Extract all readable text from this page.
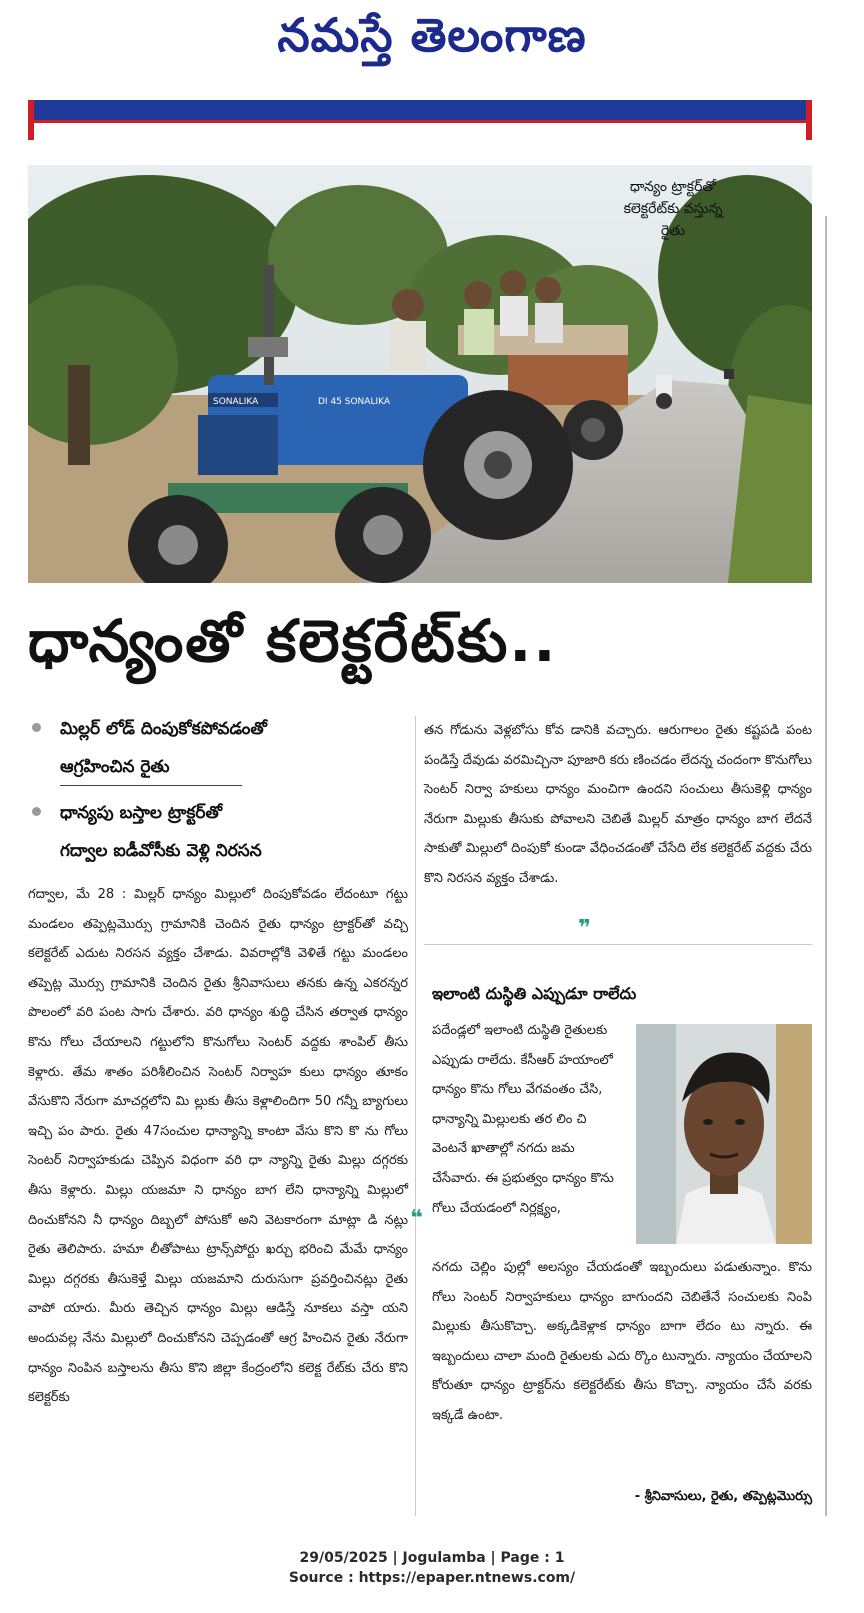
నమస్తే తెలంగాణ
SONALIKA	DI 45 SONALIKA
ధాన్యం ట్రాక్టర్‌తో
కలెక్టరేట్‌కు వస్తున్న
రైతు
ధాన్యంతో కలెక్టరేట్‌కు..
మిల్లర్ లోడ్ దింపుకోకపోవడంతో
ఆగ్రహించిన రైతు
ధాన్యపు బస్తాల ట్రాక్టర్‌తో
గద్వాల ఐడీవోసీకు వెళ్లి నిరసన
గద్వాల, మే 28 : మిల్లర్ ధాన్యం మిల్లులో దింపుకోవడం లేదంటూ గట్టు మండలం తప్పెట్లమొర్సు గ్రామానికి చెందిన రైతు ధాన్యం ట్రాక్టర్‌తో వచ్చి కలెక్టరేట్ ఎదుట నిరసన వ్యక్తం చేశాడు. వివరాల్లోకి వెళితే గట్టు మండలం తప్పెట్ల మొర్సు గ్రామానికి చెందిన రైతు శ్రీనివాసులు తనకు ఉన్న ఎకరన్నర పొలంలో వరి పంట సాగు చేశారు. వరి ధాన్యం శుద్ధి చేసిన తర్వాత ధాన్యం కొను గోలు చేయాలని గట్టులోని కొనుగోలు సెంటర్ వద్దకు శాంపిల్ తీసు కెళ్లారు. తేమ శాతం పరిశీలించిన సెంటర్ నిర్వాహ కులు ధాన్యం తూకం వేసుకొని నేరుగా మాచర్లలోని మి ల్లుకు తీసు కెళ్లాలిందిగా 50 గన్నీ బ్యాగులు ఇచ్చి పం పారు. రైతు 47సంచుల ధాన్యాన్ని కాంటా వేసు కొని కొ ను గోలు సెంటర్ నిర్వాహకుడు చెప్పిన విధంగా వరి ధా న్యాన్ని రైతు మిల్లు దగ్గరకు తీసు కెళ్లారు. మిల్లు యజమా ని ధాన్యం బాగ లేని ధాన్యాన్ని మిల్లులో దించుకోనని నీ ధాన్యం దిబ్బలో పోసుకో అని వెటకారంగా మాట్లా డి నట్లు రైతు తెలిపారు. హమా లీతోపాటు ట్రాన్స్‌పోర్టు ఖర్చు భరించి మేమే ధాన్యం మిల్లు దగ్గరకు తీసుకెళ్తే మిల్లు యజమాని దురుసుగా ప్రవర్తించినట్లు రైతు వాపో యారు. మీరు తెచ్చిన ధాన్యం మిల్లు ఆడిస్తే నూకలు వస్తా యని అందువల్ల నేను మిల్లులో దించుకోనని చెప్పడంతో ఆగ్ర హించిన రైతు నేరుగా ధాన్యం నింపిన బస్తాలను తీసు కొని జిల్లా కేంద్రంలోని కలెక్ట రేట్‌కు చేరు కొని కలెక్టర్‌కు
తన గోడును వెళ్లబోసు కోవ డానికి వచ్చారు. ఆరుగాలం రైతు కష్టపడి పంట పండిస్తే దేవుడు వరమిచ్చినా పూజారి కరు ణించడం లేదన్న చందంగా కొనుగోలు సెంటర్ నిర్వా హకులు ధాన్యం మంచిగా ఉందని సంచులు తీసుకెళ్లి ధాన్యం నేరుగా మిల్లుకు తీసుకు పోవాలని చెబితే మిల్లర్ మాత్రం ధాన్యం బాగ లేదనే సాకుతో మిల్లులో దింపుకో కుండా వేధించడంతో చేసేది లేక కలెక్టరేట్ వద్దకు చేరు కొని నిరసన వ్యక్తం చేశాడు.
❞
ఇలాంటి దుస్థితి ఎప్పుడూ రాలేదు
పదేండ్లలో ఇలాంటి దుస్థితి రైతులకు ఎప్పుడు రాలేదు. కేసీఆర్ హయాంలో ధాన్యం కొను గోలు వేగవంతం చేసి, ధాన్యాన్ని మిల్లులకు తర లిం చి వెంటనే ఖాతాల్లో నగదు జమ చేసేవారు. ఈ ప్రభుత్వం ధాన్యం కొను గోలు చేయడంలో నిర్లక్ష్యం,
❝
నగదు చెల్లిం పుల్లో అలస్యం చేయడంతో ఇబ్బందులు పడుతున్నాం. కొను గోలు సెంటర్ నిర్వాహకులు ధాన్యం బాగుందని చెబితేనే సంచులకు నింపి మిల్లుకు తీసుకొచ్చా. అక్కడికెళ్లాక ధాన్యం బాగా లేదం టు న్నారు. ఈ ఇబ్బందులు చాలా మంది రైతులకు ఎదు ర్కొం టున్నారు. న్యాయం చేయాలని కోరుతూ ధాన్యం ట్రాక్టర్‌ను కలెక్టరేట్‌కు తీసు కొచ్చా. న్యాయం చేసే వరకు ఇక్కడే ఉంటా.
- శ్రీనివాసులు, రైతు, తప్పెట్లమొర్సు
29/05/2025 | Jogulamba | Page : 1
Source : https://epaper.ntnews.com/
